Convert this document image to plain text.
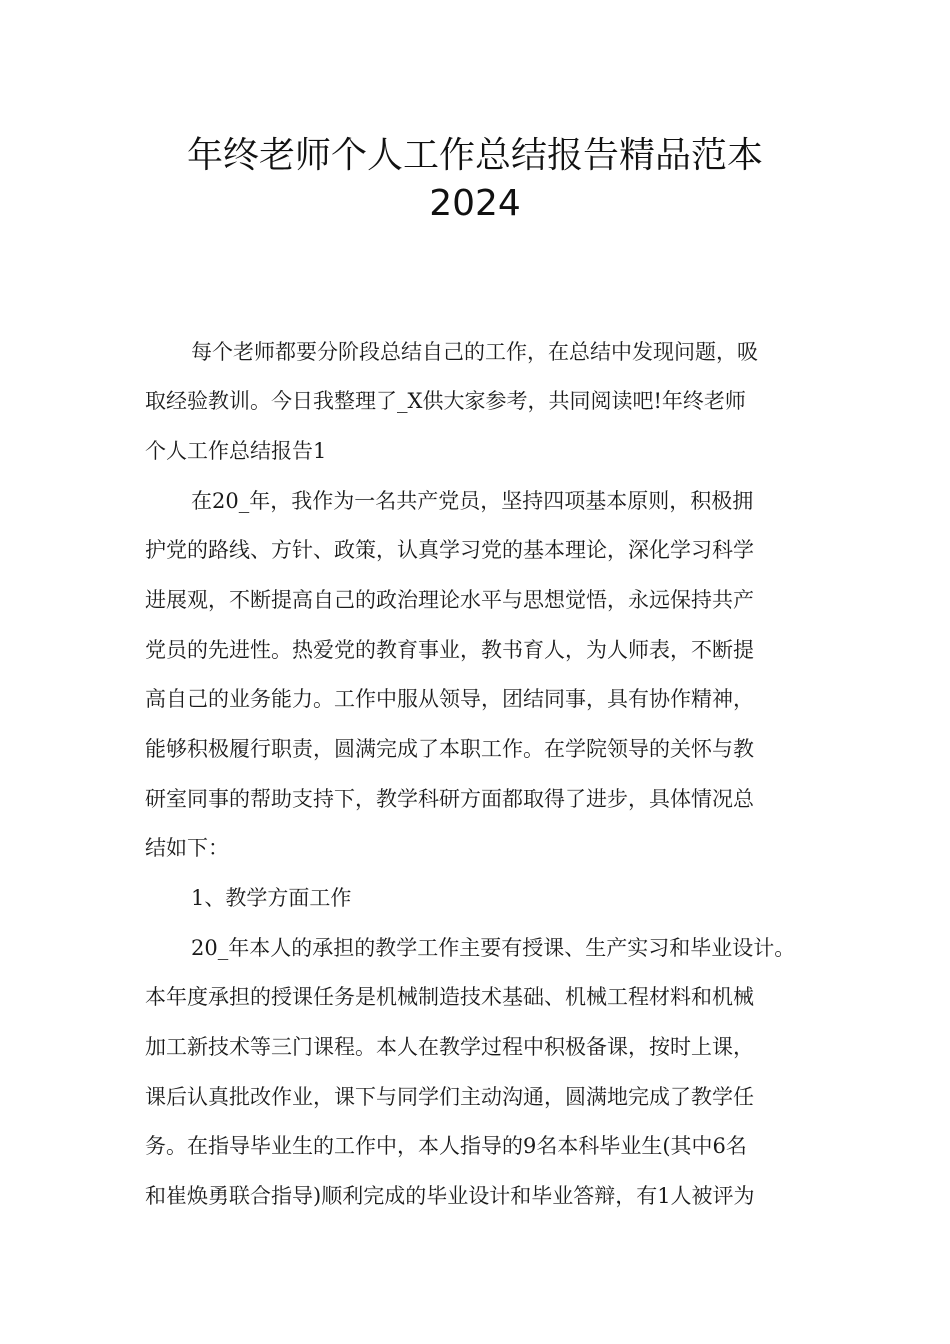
年终老师个人工作总结报告精品范本
2024
每个老师都要分阶段总结自己的工作，在总结中发现问题，吸
取经验教训。今日我整理了_X供大家参考，共同阅读吧!年终老师
个人工作总结报告1
在20_年，我作为一名共产党员，坚持四项基本原则，积极拥
护党的路线、方针、政策，认真学习党的基本理论，深化学习科学
进展观，不断提高自己的政治理论水平与思想觉悟，永远保持共产
党员的先进性。热爱党的教育事业，教书育人，为人师表，不断提
高自己的业务能力。工作中服从领导，团结同事，具有协作精神，
能够积极履行职责，圆满完成了本职工作。在学院领导的关怀与教
研室同事的帮助支持下，教学科研方面都取得了进步，具体情况总
结如下：
1、教学方面工作
20_年本人的承担的教学工作主要有授课、生产实习和毕业设计。
本年度承担的授课任务是机械制造技术基础、机械工程材料和机械
加工新技术等三门课程。本人在教学过程中积极备课，按时上课，
课后认真批改作业，课下与同学们主动沟通，圆满地完成了教学任
务。在指导毕业生的工作中，本人指导的9名本科毕业生(其中6名
和崔焕勇联合指导)顺利完成的毕业设计和毕业答辩，有1人被评为
